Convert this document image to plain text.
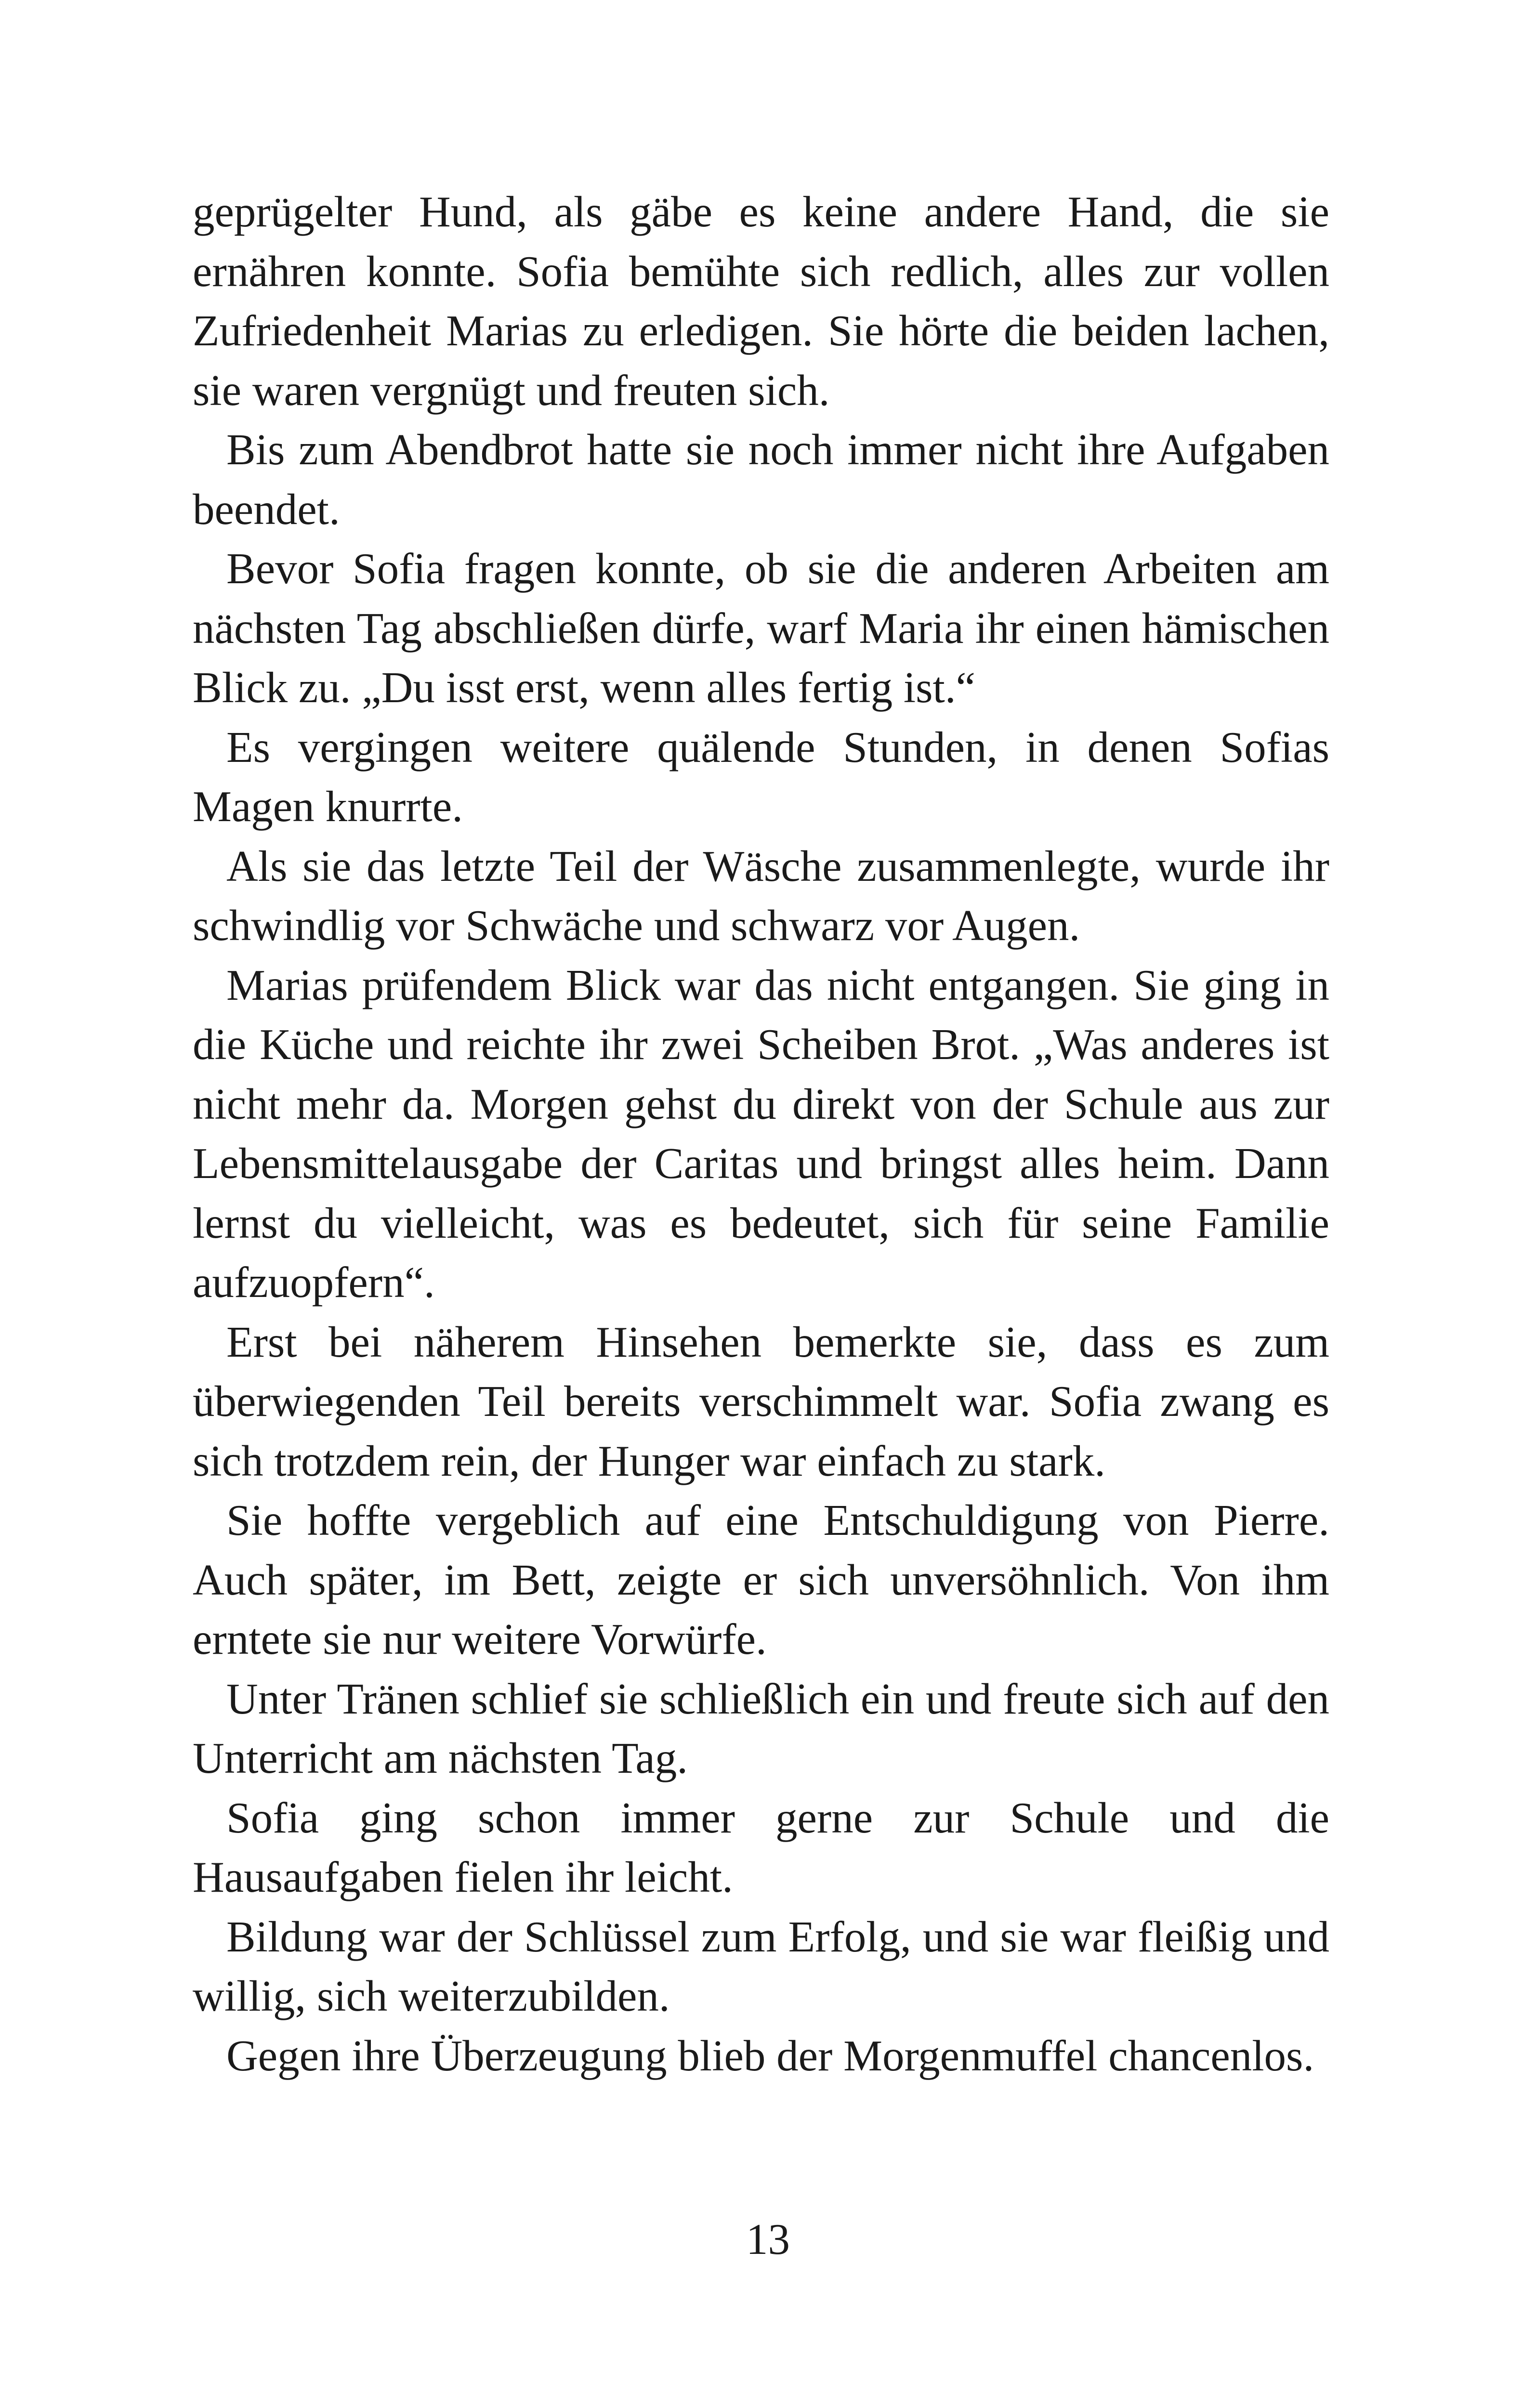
geprügelter Hund, als gäbe es keine andere Hand, die sie ernähren konnte. Sofia bemühte sich redlich, alles zur vollen Zufriedenheit Marias zu erledigen. Sie hörte die beiden lachen, sie waren vergnügt und freuten sich.

Bis zum Abendbrot hatte sie noch immer nicht ihre Aufgaben beendet.

Bevor Sofia fragen konnte, ob sie die anderen Arbeiten am nächsten Tag abschließen dürfe, warf Maria ihr einen hämischen Blick zu. „Du isst erst, wenn alles fertig ist.“

Es vergingen weitere quälende Stunden, in denen Sofias Magen knurrte.

Als sie das letzte Teil der Wäsche zusammenlegte, wurde ihr schwindlig vor Schwäche und schwarz vor Augen.

Marias prüfendem Blick war das nicht entgangen. Sie ging in die Küche und reichte ihr zwei Scheiben Brot. „Was anderes ist nicht mehr da. Morgen gehst du direkt von der Schule aus zur Lebensmittelausgabe der Caritas und bringst alles heim. Dann lernst du vielleicht, was es bedeutet, sich für seine Familie aufzuopfern“.

Erst bei näherem Hinsehen bemerkte sie, dass es zum überwiegenden Teil bereits verschimmelt war. Sofia zwang es sich trotzdem rein, der Hunger war einfach zu stark.

Sie hoffte vergeblich auf eine Entschuldigung von Pierre. Auch später, im Bett, zeigte er sich unversöhnlich. Von ihm erntete sie nur weitere Vorwürfe.

Unter Tränen schlief sie schließlich ein und freute sich auf den Unterricht am nächsten Tag.

Sofia ging schon immer gerne zur Schule und die Hausaufgaben fielen ihr leicht.

Bildung war der Schlüssel zum Erfolg, und sie war fleißig und willig, sich weiterzubilden.

Gegen ihre Überzeugung blieb der Morgenmuffel chancenlos.

13
